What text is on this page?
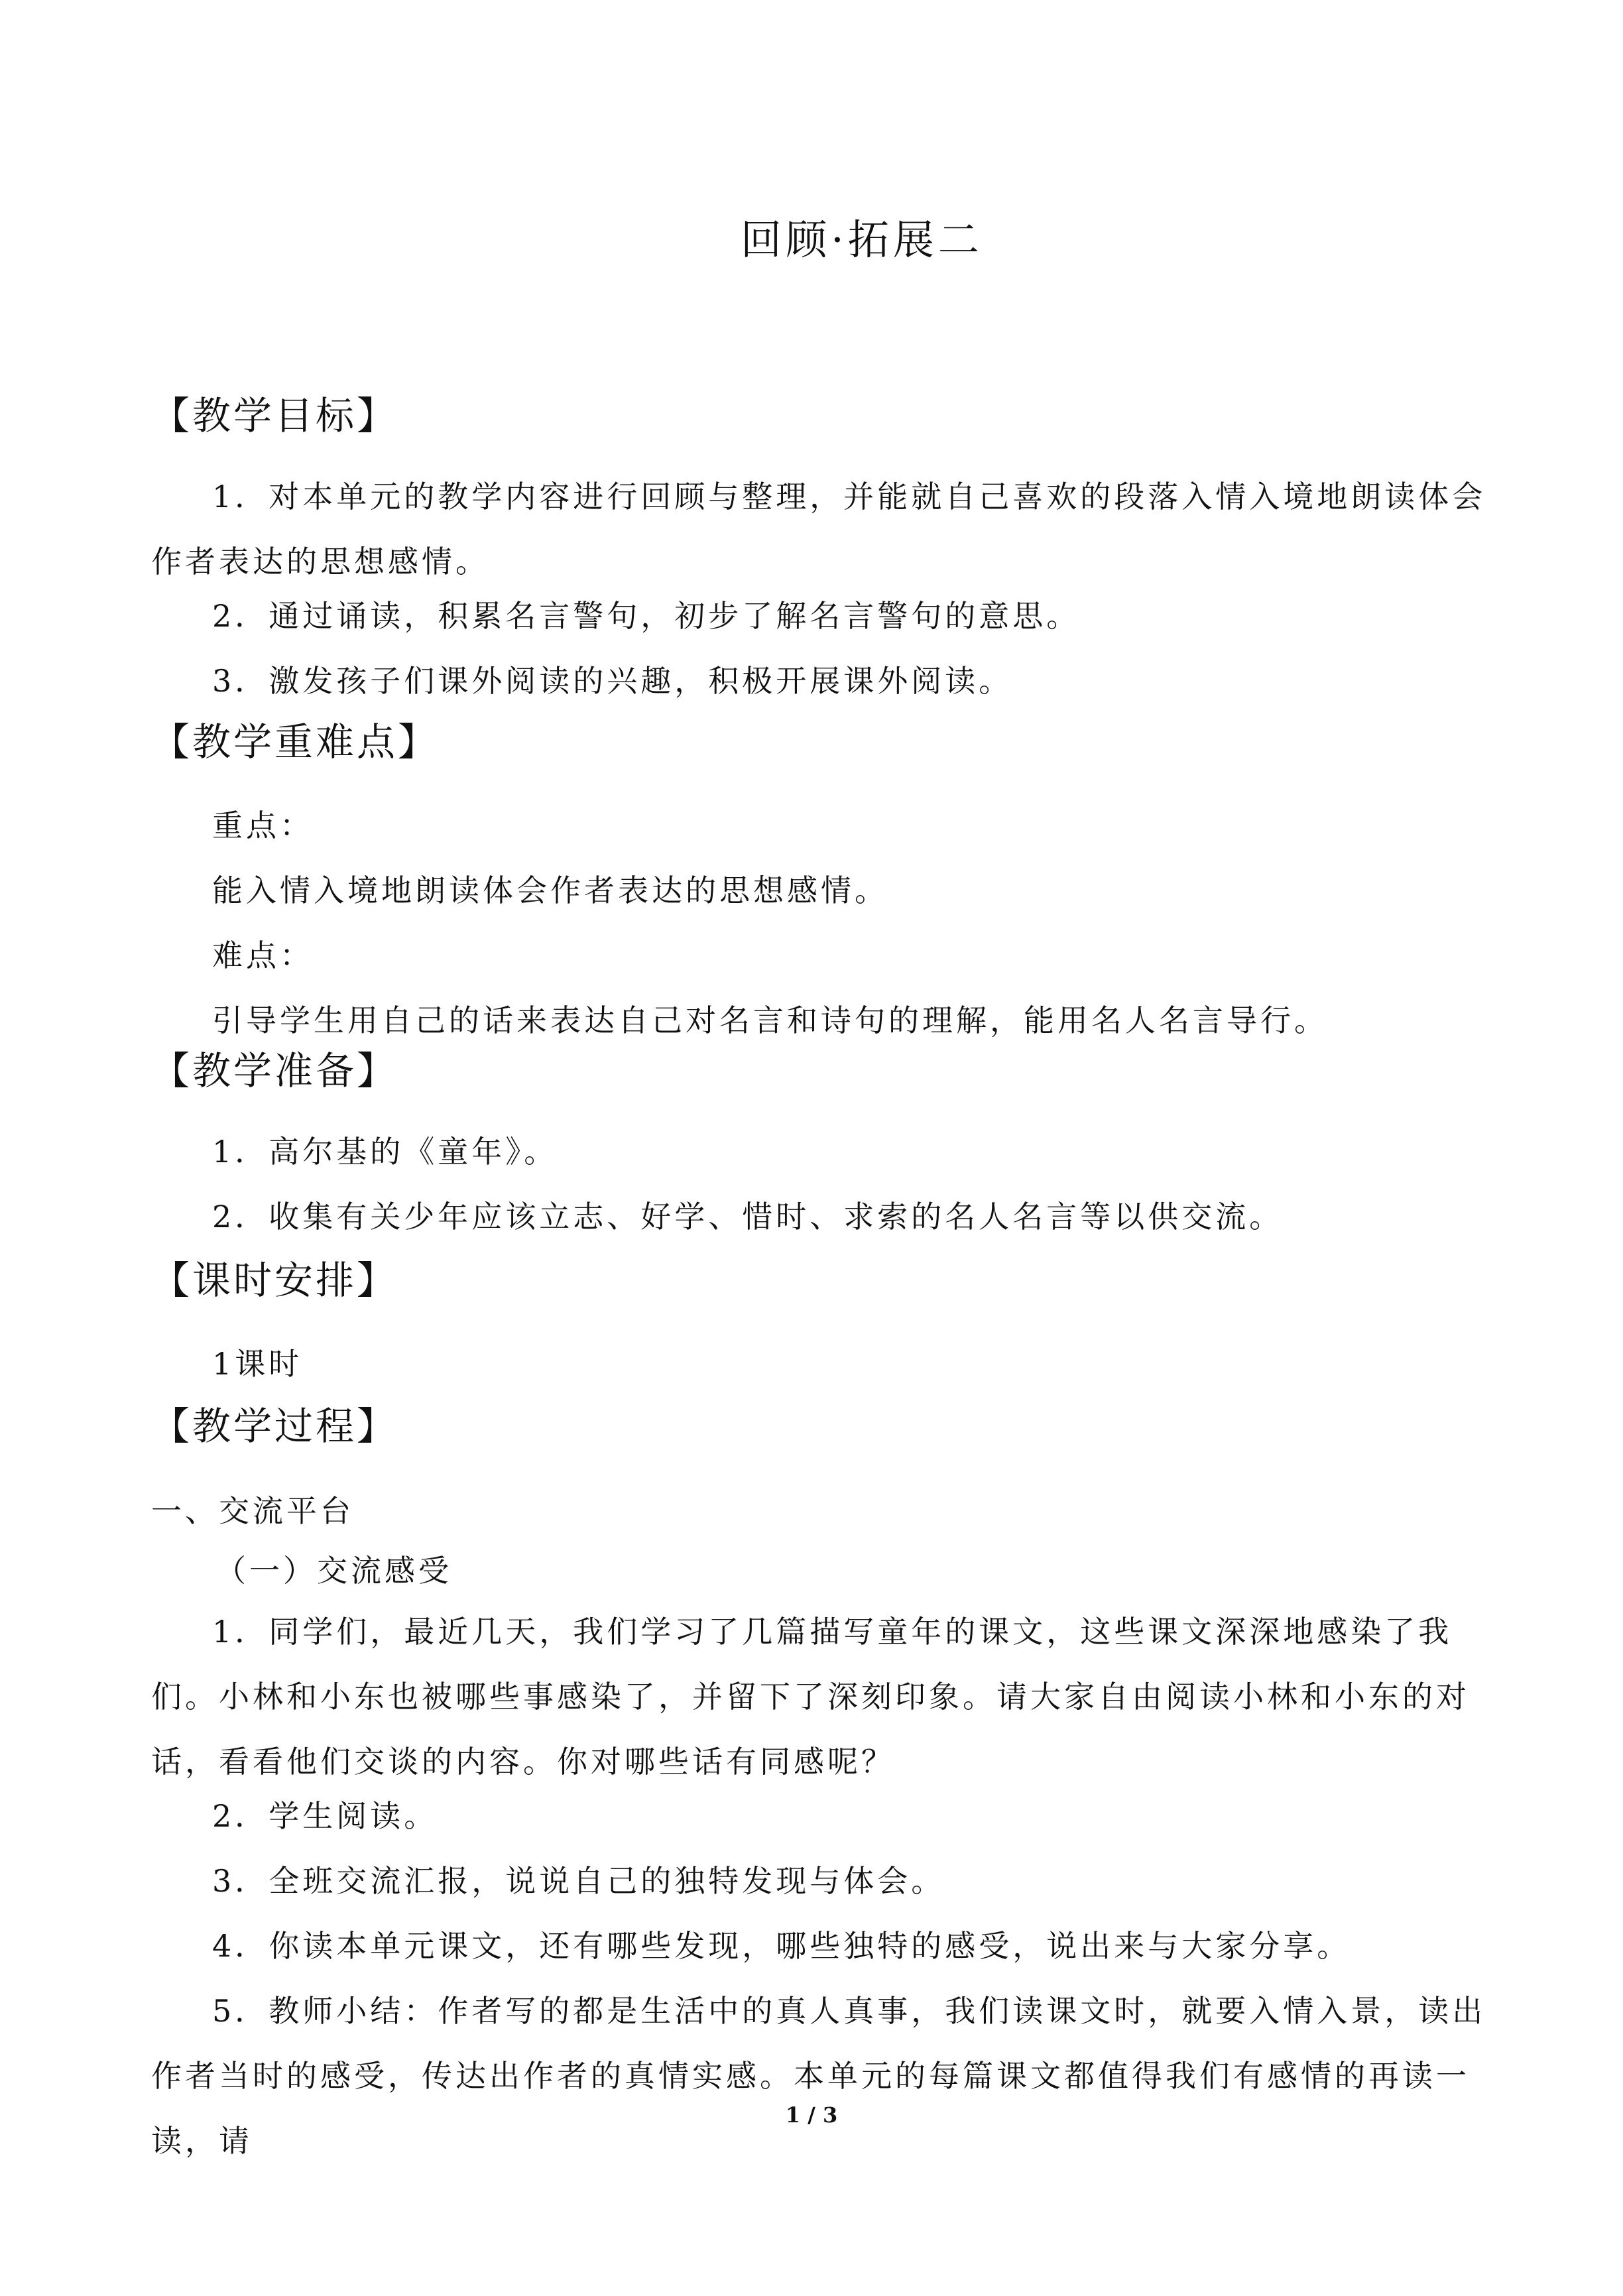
回顾·拓展二
【教学目标】
1．对本单元的教学内容进行回顾与整理，并能就自己喜欢的段落入情入境地朗读体会作者表达的思想感情。
2．通过诵读，积累名言警句，初步了解名言警句的意思。
3．激发孩子们课外阅读的兴趣，积极开展课外阅读。
【教学重难点】
重点：
能入情入境地朗读体会作者表达的思想感情。
难点：
引导学生用自己的话来表达自己对名言和诗句的理解，能用名人名言导行。
【教学准备】
1．高尔基的《童年》。
2．收集有关少年应该立志、好学、惜时、求索的名人名言等以供交流。
【课时安排】
1课时
【教学过程】
一、交流平台
（一）交流感受
1．同学们，最近几天，我们学习了几篇描写童年的课文，这些课文深深地感染了我们。小林和小东也被哪些事感染了，并留下了深刻印象。请大家自由阅读小林和小东的对话，看看他们交谈的内容。你对哪些话有同感呢？
2．学生阅读。
3．全班交流汇报，说说自己的独特发现与体会。
4．你读本单元课文，还有哪些发现，哪些独特的感受，说出来与大家分享。
5．教师小结：作者写的都是生活中的真人真事，我们读课文时，就要入情入景，读出作者当时的感受，传达出作者的真情实感。本单元的每篇课文都值得我们有感情的再读一读，请
1 / 3
